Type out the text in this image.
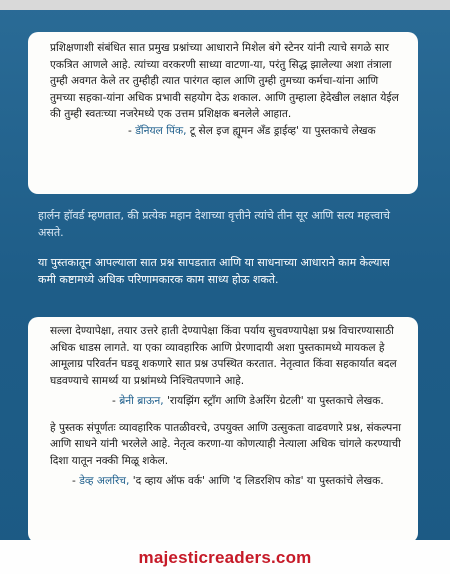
प्रशिक्षणाशी संबंधित सात प्रमुख प्रश्नांच्या आधाराने मिशेल बंगे स्टेनर यांनी त्याचे सगळे सार एकत्रित आणले आहे. त्यांच्या वरकरणी साध्या वाटणा-या, परंतु सिद्ध झालेल्या अशा तंत्राला तुम्ही अवगत केले तर तुम्हीही त्यात पारंगत व्हाल आणि तुम्ही तुमच्या कर्मचा-यांना आणि तुमच्या सहका-यांना अधिक प्रभावी सहयोग देऊ शकाल. आणि तुम्हाला हेदेखील लक्षात येईल की तुम्ही स्वतःच्या नजरेमध्ये एक उत्तम प्रशिक्षक बनलेले आहात.

- डॅनियल पिंक, टू सेल इज ह्यूमन अँड ड्राईव्ह' या पुस्तकाचे लेखक

हार्लन हॉवर्ड म्हणतात, की प्रत्येक महान देशाच्या वृत्तीने त्यांचे तीन सूर आणि सत्य महत्त्वाचे असते.

या पुस्तकातून आपल्याला सात प्रश्न सापडतात आणि या साधनाच्या आधाराने काम केल्यास कमी कष्टामध्ये अधिक परिणामकारक काम साध्य होऊ शकते.

सल्ला देण्यापेक्षा, तयार उत्तरे हाती देण्यापेक्षा किंवा पर्याय सुचवण्यापेक्षा प्रश्न विचारण्यासाठी अधिक धाडस लागते. या एका व्यावहारिक आणि प्रेरणादायी अशा पुस्तकामध्ये मायकल हे आमूलाग्र परिवर्तन घडवू शकणारे सात प्रश्न उपस्थित करतात. नेतृत्वात किंवा सहकार्यात बदल घडवण्याचे सामर्थ्य या प्रश्नांमध्ये निश्चितपणाने आहे.

- ब्रेनी ब्राऊन, 'रायझिंग स्ट्राँग आणि डेअरिंग ग्रेटली' या पुस्तकाचे लेखक.

हे पुस्तक संपूर्णतः व्यावहारिक पातळीवरचे, उपयुक्त आणि उत्सुकता वाढवणारे प्रश्न, संकल्पना आणि साधने यांनी भरलेले आहे. नेतृत्व करणा-या कोणत्याही नेत्याला अधिक चांगले करण्याची दिशा यातून नक्की मिळू शकेल.

- डेव्ह अलरिच, 'द व्हाय ऑफ वर्क' आणि 'द लिडरशिप कोड' या पुस्तकांचे लेखक.

majesticreaders.com
